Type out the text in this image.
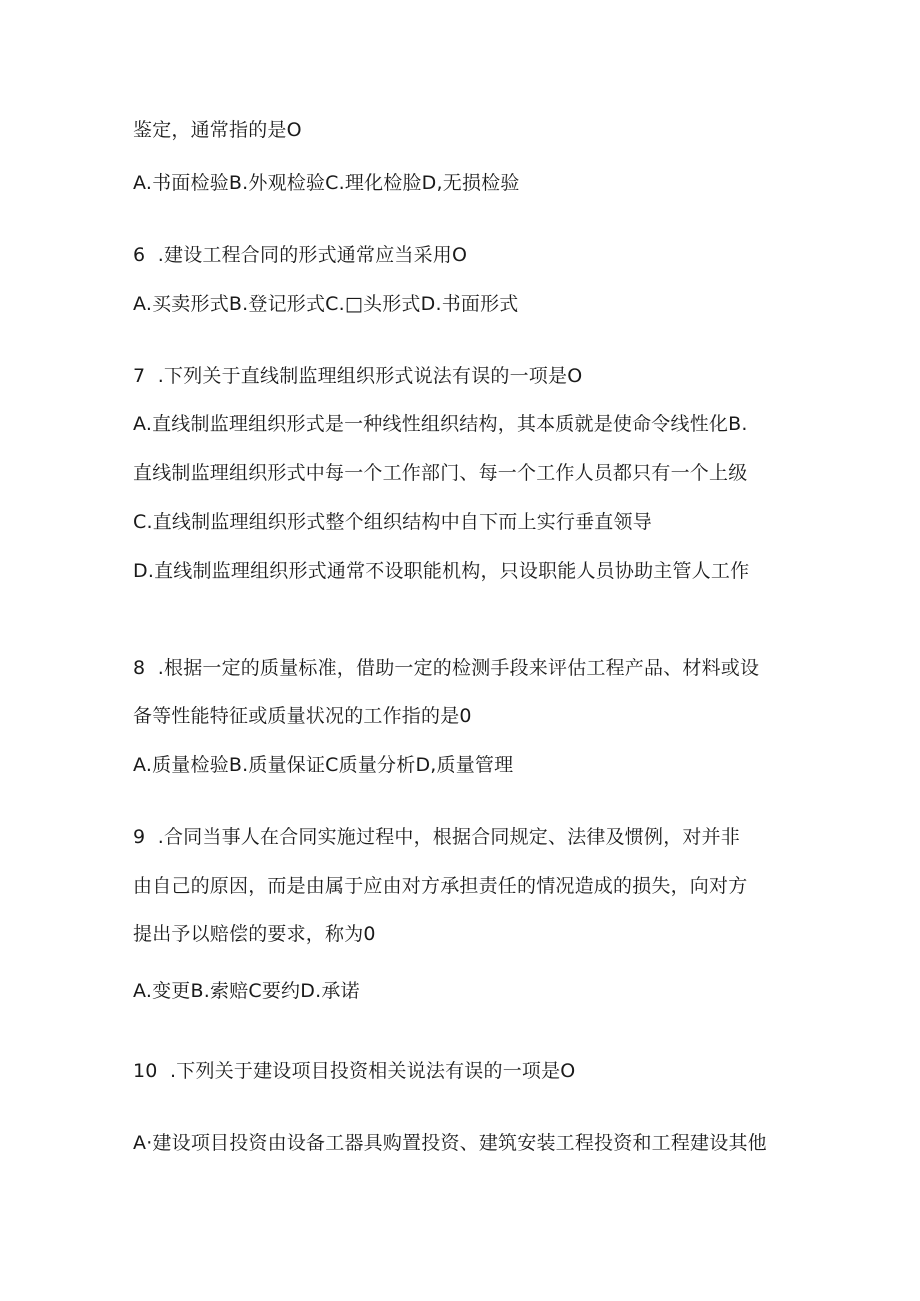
鉴定，通常指的是O
A.书面检验B.外观检验C.理化检脸D,无损检验
6  .建设工程合同的形式通常应当采用O
A.买卖形式B.登记形式C.□头形式D.书面形式
7  .下列关于直线制监理组织形式说法有误的一项是O
A.直线制监理组织形式是一种线性组织结构，其本质就是使命令线性化B.
直线制监理组织形式中每一个工作部门、每一个工作人员都只有一个上级
C.直线制监理组织形式整个组织结构中自下而上实行垂直领导
D.直线制监理组织形式通常不设职能机构，只设职能人员协助主管人工作
8  .根据一定的质量标准，借助一定的检测手段来评估工程产品、材料或设
备等性能特征或质量状况的工作指的是0
A.质量检验B.质量保证C质量分析D,质量管理
9  .合同当事人在合同实施过程中，根据合同规定、法律及惯例，对并非
由自己的原因，而是由属于应由对方承担责任的情况造成的损失，向对方
提出予以赔偿的要求，称为0
A.变更B.索赔C要约D.承诺
10  .下列关于建设项目投资相关说法有误的一项是O
A·建设项目投资由设备工器具购置投资、建筑安装工程投资和工程建设其他
